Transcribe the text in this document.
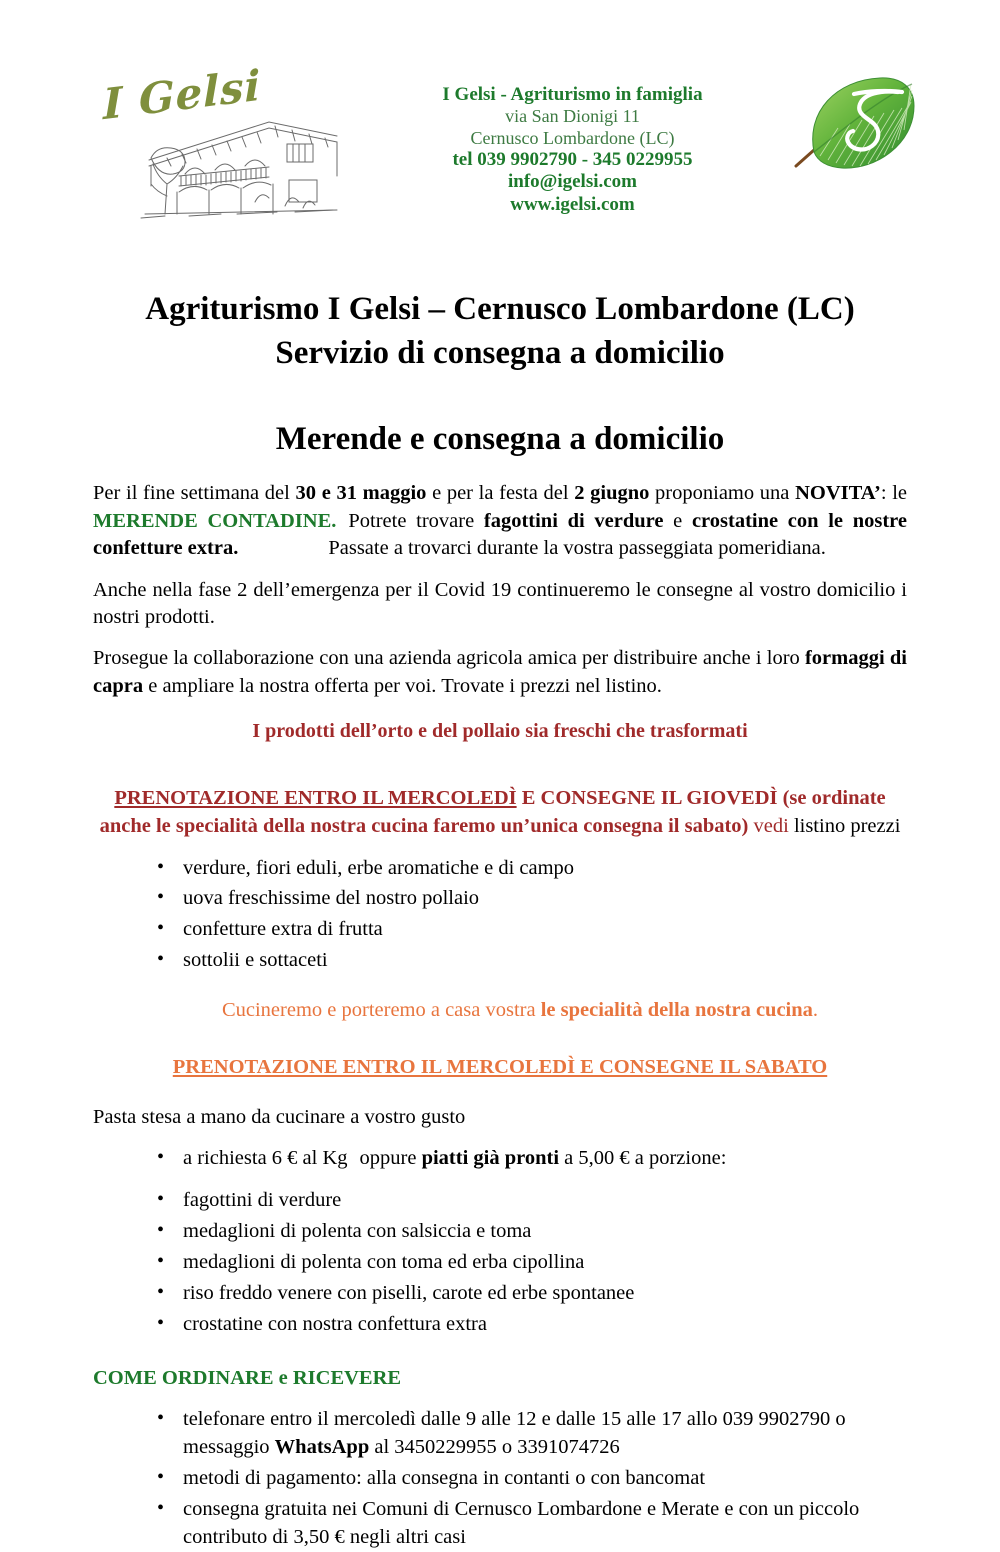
I Gelsi	I Gelsi - Agriturismo in famiglia
via San Dionigi 11
Cernusco Lombardone (LC)
tel 039 9902790 - 345 0229955
info@igelsi.com
www.igelsi.com
Agriturismo I Gelsi – Cernusco Lombardone (LC)
Servizio di consegna a domicilio
Merende e consegna a domicilio

Per il fine settimana del 30 e 31 maggio e per la festa del 2 giugno proponiamo una NOVITA’: le MERENDE CONTADINE. Potrete trovare fagottini di verdure e crostatine con le nostre confetture extra.	Passate a trovarci durante la vostra passeggiata pomeridiana.

Anche nella fase 2 dell’emergenza per il Covid 19 continueremo le consegne al vostro domicilio i nostri prodotti.

Prosegue la collaborazione con una azienda agricola amica per distribuire anche i loro formaggi di capra e ampliare la nostra offerta per voi. Trovate i prezzi nel listino.

I prodotti dell’orto e del pollaio sia freschi che trasformati

PRENOTAZIONE ENTRO IL MERCOLEDÌ E CONSEGNE IL GIOVEDÌ (se ordinate anche le specialità della nostra cucina faremo un’unica consegna il sabato) vedi listino prezzi
• verdure, fiori eduli, erbe aromatiche e di campo
• uova freschissime del nostro pollaio
• confetture extra di frutta
• sottolii e sottaceti

Cucineremo e porteremo a casa vostra le specialità della nostra cucina.

PRENOTAZIONE ENTRO IL MERCOLEDÌ E CONSEGNE IL SABATO

Pasta stesa a mano da cucinare a vostro gusto

• a richiesta 6 € al Kg oppure piatti già pronti a 5,00 € a porzione:
• fagottini di verdure
• medaglioni di polenta con salsiccia e toma
• medaglioni di polenta con toma ed erba cipollina
• riso freddo venere con piselli, carote ed erbe spontanee
• crostatine con nostra confettura extra

COME ORDINARE e RICEVERE

• telefonare entro il mercoledì dalle 9 alle 12 e dalle 15 alle 17 allo 039 9902790 o messaggio WhatsApp al 3450229955 o 3391074726
• metodi di pagamento: alla consegna in contanti o con bancomat
• consegna gratuita nei Comuni di Cernusco Lombardone e Merate e con un piccolo contributo di 3,50 € negli altri casi
